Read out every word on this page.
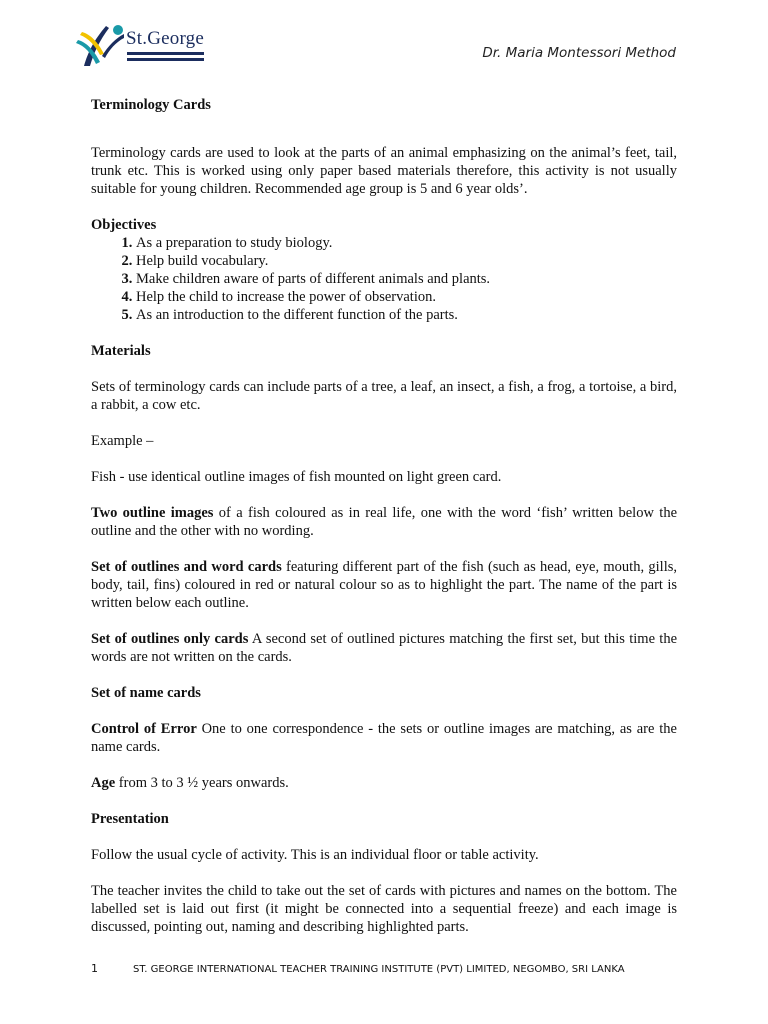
St.George
Dr. Maria Montessori Method

Terminology Cards

Terminology cards are used to look at the parts of an animal emphasizing on the animal’s feet, tail, trunk etc. This is worked using only paper based materials therefore, this activity is not usually suitable for young children. Recommended age group is 5 and 6 year olds’.

Objectives

1. As a preparation to study biology.
2. Help build vocabulary.
3. Make children aware of parts of different animals and plants.
4. Help the child to increase the power of observation.
5. As an introduction to the different function of the parts.

Materials

Sets of terminology cards can include parts of a tree, a leaf, an insect, a fish, a frog, a tortoise, a bird, a rabbit, a cow etc.

Example –

Fish - use identical outline images of fish mounted on light green card.

Two outline images of a fish coloured as in real life, one with the word ‘fish’ written below the outline and the other with no wording.

Set of outlines and word cards featuring different part of the fish (such as head, eye, mouth, gills, body, tail, fins) coloured in red or natural colour so as to highlight the part. The name of the part is written below each outline.

Set of outlines only cards A second set of outlined pictures matching the first set, but this time the words are not written on the cards.

Set of name cards

Control of Error One to one correspondence - the sets or outline images are matching, as are the name cards.

Age from 3 to 3 ½ years onwards.

Presentation

Follow the usual cycle of activity. This is an individual floor or table activity.

The teacher invites the child to take out the set of cards with pictures and names on the bottom. The labelled set is laid out first (it might be connected into a sequential freeze) and each image is discussed, pointing out, naming and describing highlighted parts.

1	ST. GEORGE INTERNATIONAL TEACHER TRAINING INSTITUTE (PVT) LIMITED, NEGOMBO, SRI LANKA
